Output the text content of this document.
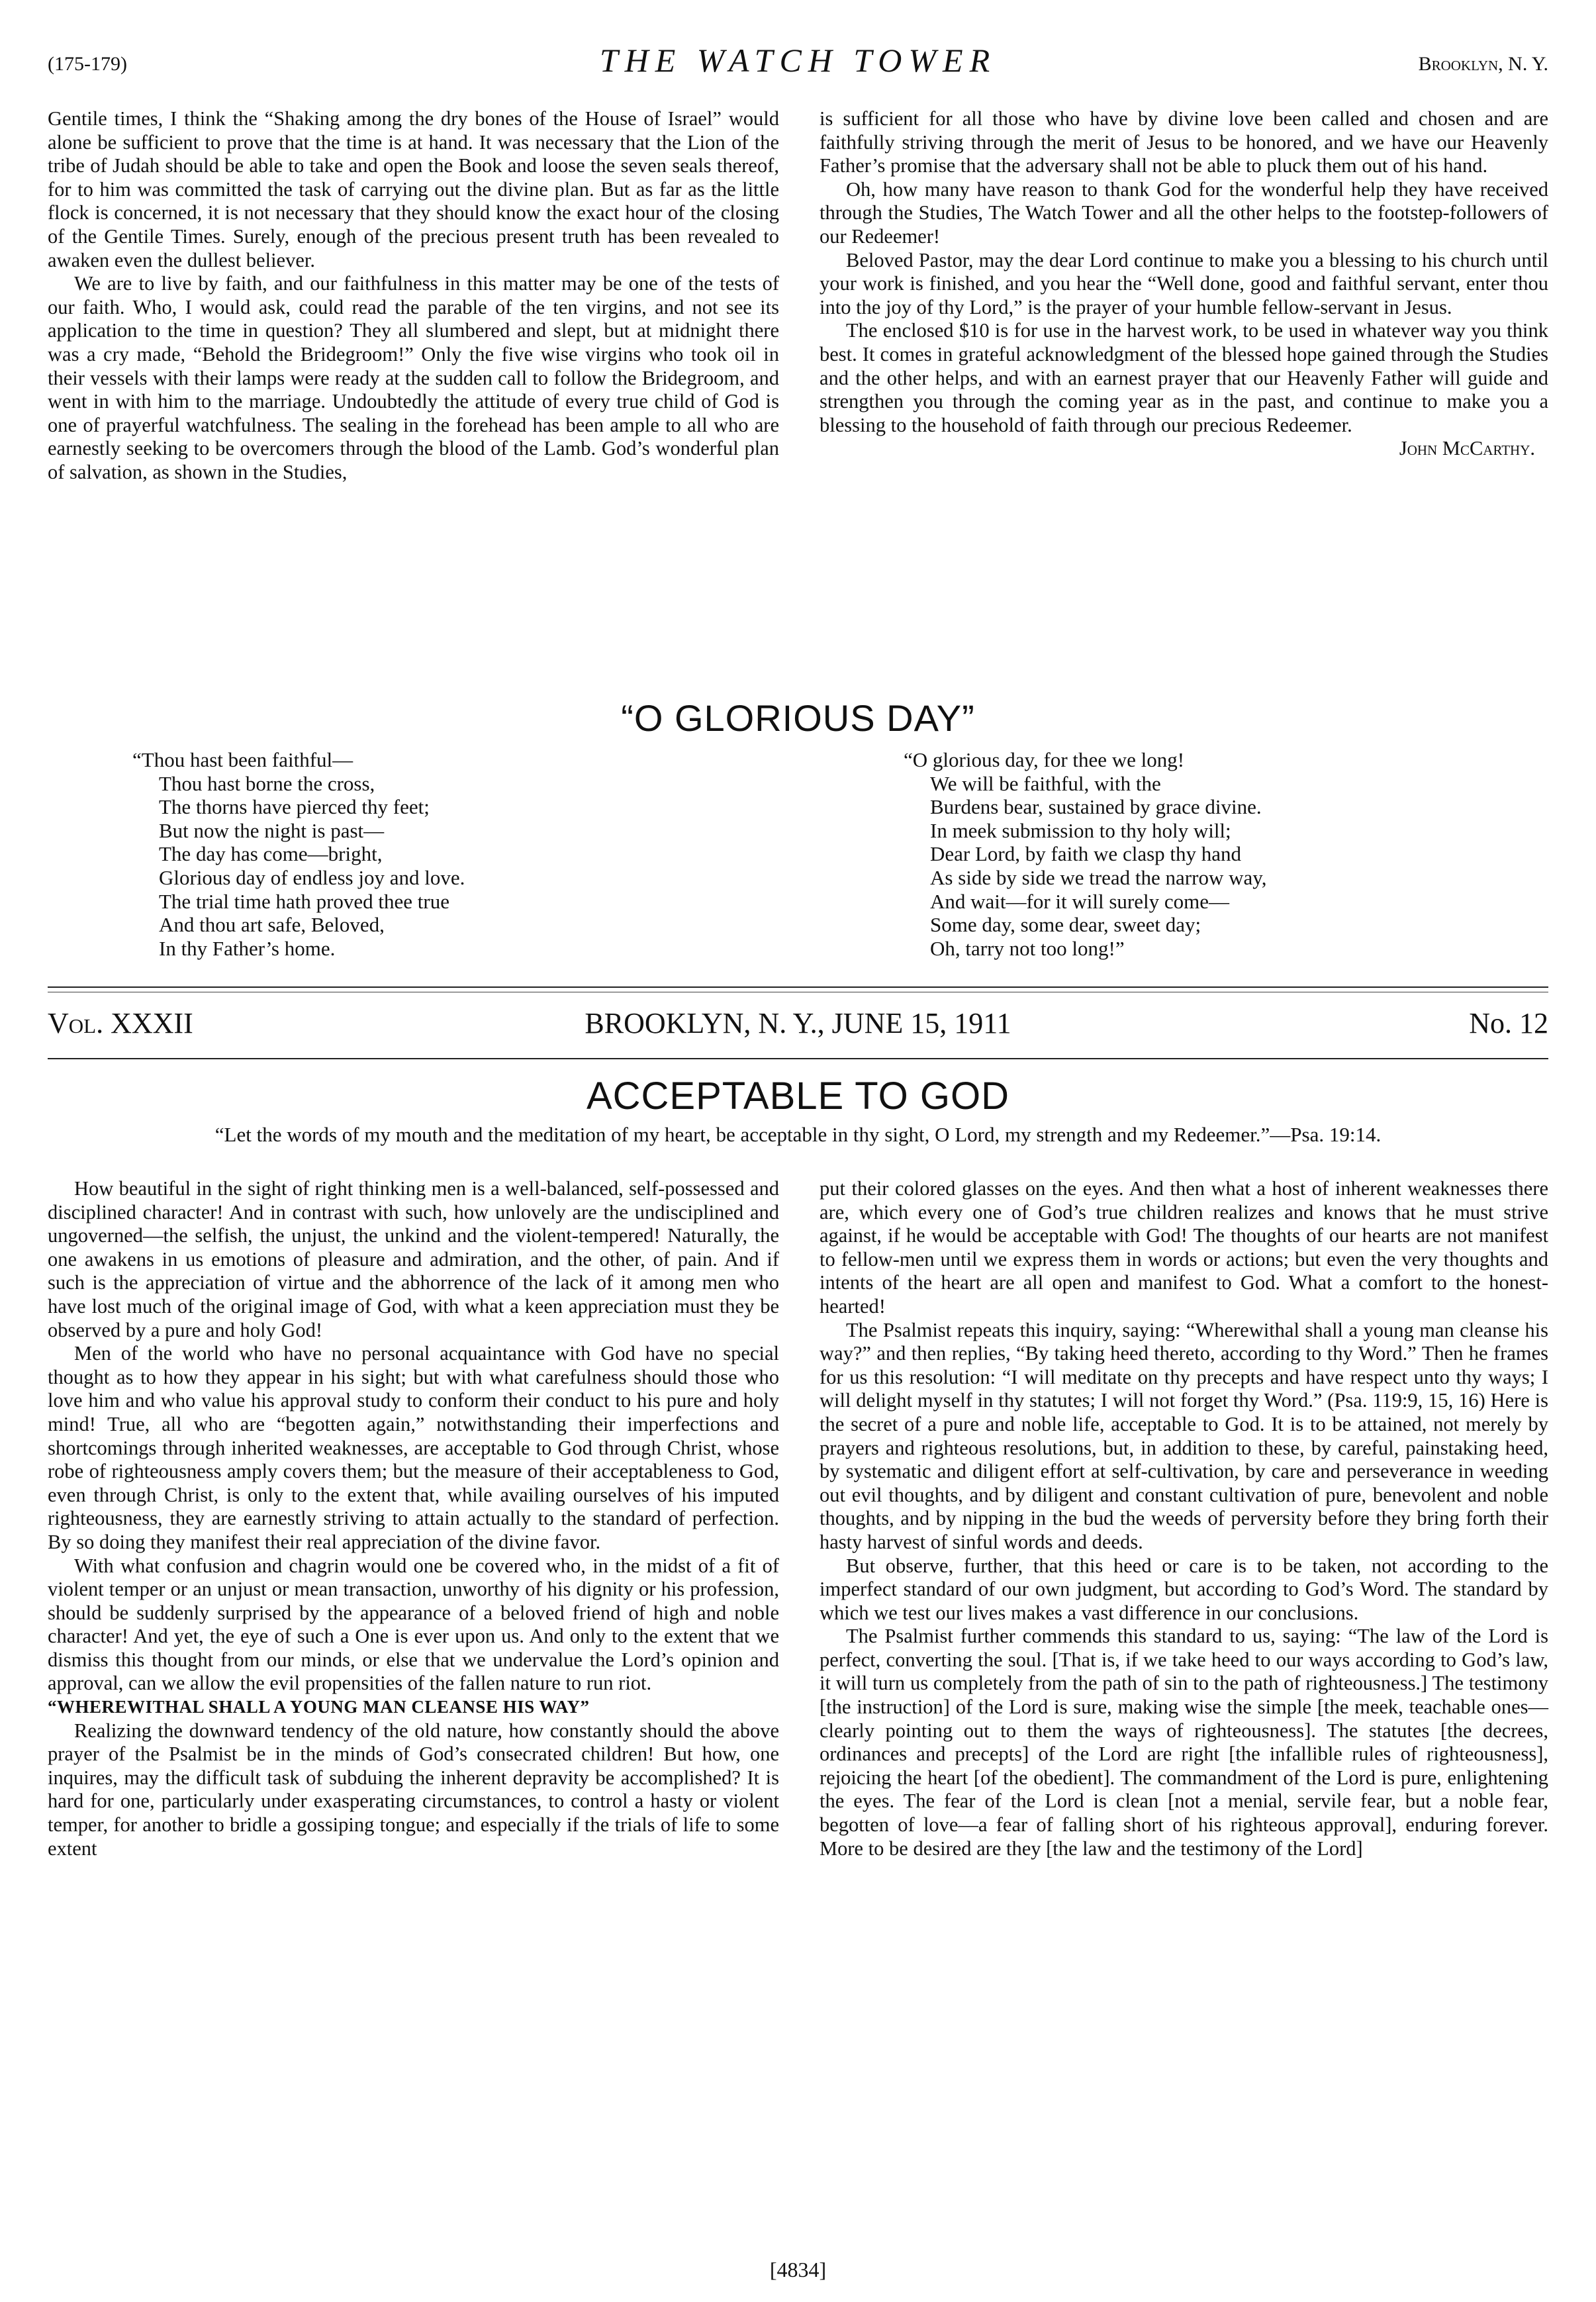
(175-179)	THE WATCH TOWER	Brooklyn, N. Y.

Gentile times, I think the “Shaking among the dry bones of the House of Israel” would alone be sufficient to prove that the time is at hand. It was necessary that the Lion of the tribe of Judah should be able to take and open the Book and loose the seven seals thereof, for to him was committed the task of carrying out the divine plan. But as far as the little flock is concerned, it is not necessary that they should know the exact hour of the closing of the Gentile Times. Surely, enough of the precious present truth has been revealed to awaken even the dullest believer.

We are to live by faith, and our faithfulness in this matter may be one of the tests of our faith. Who, I would ask, could read the parable of the ten virgins, and not see its application to the time in question? They all slumbered and slept, but at midnight there was a cry made, “Behold the Bridegroom!” Only the five wise virgins who took oil in their vessels with their lamps were ready at the sudden call to follow the Bridegroom, and went in with him to the marriage. Undoubtedly the attitude of every true child of God is one of prayerful watchfulness. The sealing in the forehead has been ample to all who are earnestly seeking to be overcomers through the blood of the Lamb. God’s wonderful plan of salvation, as shown in the Studies,

is sufficient for all those who have by divine love been called and chosen and are faithfully striving through the merit of Jesus to be honored, and we have our Heavenly Father’s promise that the adversary shall not be able to pluck them out of his hand.

Oh, how many have reason to thank God for the wonderful help they have received through the Studies, The Watch Tower and all the other helps to the footstep-followers of our Redeemer!

Beloved Pastor, may the dear Lord continue to make you a blessing to his church until your work is finished, and you hear the “Well done, good and faithful servant, enter thou into the joy of thy Lord,” is the prayer of your humble fellow-servant in Jesus.

The enclosed $10 is for use in the harvest work, to be used in whatever way you think best. It comes in grateful acknowledgment of the blessed hope gained through the Studies and the other helps, and with an earnest prayer that our Heavenly Father will guide and strengthen you through the coming year as in the past, and continue to make you a blessing to the household of faith through our precious Redeemer.

John McCarthy.

“O GLORIOUS DAY”
“Thou hast been faithful—
Thou hast borne the cross,
The thorns have pierced thy feet;
But now the night is past—
The day has come—bright,
Glorious day of endless joy and love.
The trial time hath proved thee true
And thou art safe, Beloved,
In thy Father’s home.
“O glorious day, for thee we long!
We will be faithful, with the
Burdens bear, sustained by grace divine.
In meek submission to thy holy will;
Dear Lord, by faith we clasp thy hand
As side by side we tread the narrow way,
And wait—for it will surely come—
Some day, some dear, sweet day;
Oh, tarry not too long!”
Vol. XXXII	BROOKLYN, N. Y., JUNE 15, 1911	No. 12
ACCEPTABLE TO GOD
“Let the words of my mouth and the meditation of my heart, be acceptable in thy sight, O Lord, my strength and my Redeemer.”—Psa. 19:14.

How beautiful in the sight of right thinking men is a well-balanced, self-possessed and disciplined character! And in contrast with such, how unlovely are the undisciplined and ungoverned—the selfish, the unjust, the unkind and the violent-tempered! Naturally, the one awakens in us emotions of pleasure and admiration, and the other, of pain. And if such is the appreciation of virtue and the abhorrence of the lack of it among men who have lost much of the original image of God, with what a keen appreciation must they be observed by a pure and holy God!

Men of the world who have no personal acquaintance with God have no special thought as to how they appear in his sight; but with what carefulness should those who love him and who value his approval study to conform their conduct to his pure and holy mind! True, all who are “begotten again,” notwithstanding their imperfections and shortcomings through inherited weaknesses, are acceptable to God through Christ, whose robe of righteousness amply covers them; but the measure of their acceptableness to God, even through Christ, is only to the extent that, while availing ourselves of his imputed righteousness, they are earnestly striving to attain actually to the standard of perfection. By so doing they manifest their real appreciation of the divine favor.

With what confusion and chagrin would one be covered who, in the midst of a fit of violent temper or an unjust or mean transaction, unworthy of his dignity or his profession, should be suddenly surprised by the appearance of a beloved friend of high and noble character! And yet, the eye of such a One is ever upon us. And only to the extent that we dismiss this thought from our minds, or else that we undervalue the Lord’s opinion and approval, can we allow the evil propensities of the fallen nature to run riot.

“WHEREWITHAL SHALL A YOUNG MAN CLEANSE HIS WAY”

Realizing the downward tendency of the old nature, how constantly should the above prayer of the Psalmist be in the minds of God’s consecrated children! But how, one inquires, may the difficult task of subduing the inherent depravity be accomplished? It is hard for one, particularly under exasperating circumstances, to control a hasty or violent temper, for another to bridle a gossiping tongue; and especially if the trials of life to some extent

put their colored glasses on the eyes. And then what a host of inherent weaknesses there are, which every one of God’s true children realizes and knows that he must strive against, if he would be acceptable with God! The thoughts of our hearts are not manifest to fellow-men until we express them in words or actions; but even the very thoughts and intents of the heart are all open and manifest to God. What a comfort to the honest-hearted!

The Psalmist repeats this inquiry, saying: “Wherewithal shall a young man cleanse his way?” and then replies, “By taking heed thereto, according to thy Word.” Then he frames for us this resolution: “I will meditate on thy precepts and have respect unto thy ways; I will delight myself in thy statutes; I will not forget thy Word.” (Psa. 119:9, 15, 16) Here is the secret of a pure and noble life, acceptable to God. It is to be attained, not merely by prayers and righteous resolutions, but, in addition to these, by careful, painstaking heed, by systematic and diligent effort at self-cultivation, by care and perseverance in weeding out evil thoughts, and by diligent and constant cultivation of pure, benevolent and noble thoughts, and by nipping in the bud the weeds of perversity before they bring forth their hasty harvest of sinful words and deeds.

But observe, further, that this heed or care is to be taken, not according to the imperfect standard of our own judgment, but according to God’s Word. The standard by which we test our lives makes a vast difference in our conclusions.

The Psalmist further commends this standard to us, saying: “The law of the Lord is perfect, converting the soul. [That is, if we take heed to our ways according to God’s law, it will turn us completely from the path of sin to the path of righteousness.] The testimony [the instruction] of the Lord is sure, making wise the simple [the meek, teachable ones—clearly pointing out to them the ways of righteousness]. The statutes [the decrees, ordinances and precepts] of the Lord are right [the infallible rules of righteousness], rejoicing the heart [of the obedient]. The commandment of the Lord is pure, enlightening the eyes. The fear of the Lord is clean [not a menial, servile fear, but a noble fear, begotten of love—a fear of falling short of his righteous approval], enduring forever. More to be desired are they [the law and the testimony of the Lord]

[4834]
